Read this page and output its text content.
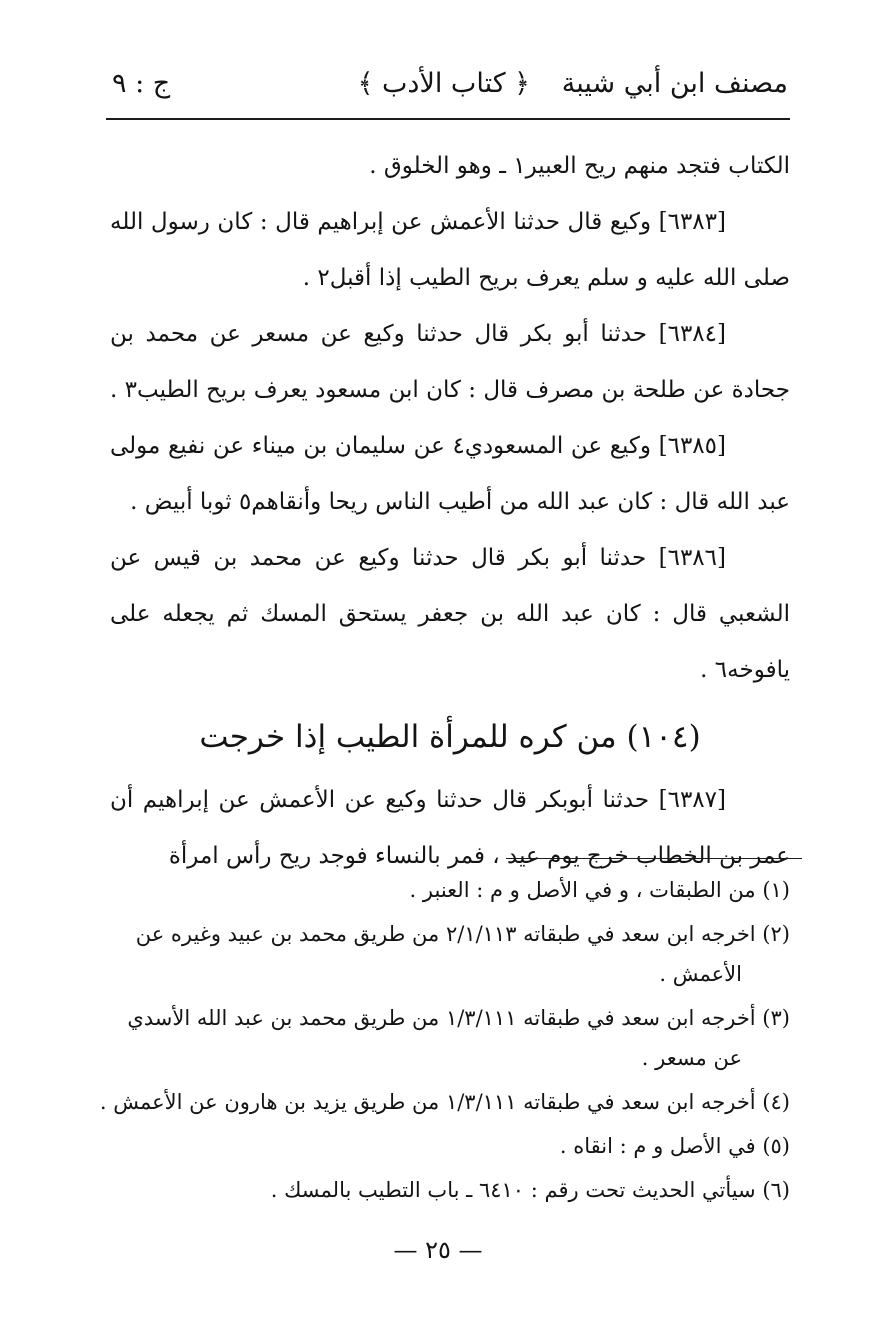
مصنف ابن أبي شيبة
﴿ كتاب الأدب ﴾
ج : ٩

الكتاب فتجد منهم ريح العبير١ ـ وهو الخلوق .

[٦٣٨٣] وكيع قال حدثنا الأعمش عن إبراهيم قال : كان رسول الله صلى الله عليه و سلم يعرف بريح الطيب إذا أقبل٢ .

[٦٣٨٤] حدثنا أبو بكر قال حدثنا وكيع عن مسعر عن محمد بن جحادة عن طلحة بن مصرف قال : كان ابن مسعود يعرف بريح الطيب٣ .

[٦٣٨٥] وكيع عن المسعودي٤ عن سليمان بن ميناء عن نفيع مولى عبد الله قال : كان عبد الله من أطيب الناس ريحا وأنقاهم٥ ثوبا أبيض .

[٦٣٨٦] حدثنا أبو بكر قال حدثنا وكيع عن محمد بن قيس عن الشعبي قال : كان عبد الله بن جعفر يستحق المسك ثم يجعله على يافوخه٦ .

(١٠٤) من كره للمرأة الطيب إذا خرجت

[٦٣٨٧] حدثنا أبوبكر قال حدثنا وكيع عن الأعمش عن إبراهيم أن عمر بن الخطاب خرج يوم عيد ، فمر بالنساء فوجد ريح رأس امرأة

(١) من الطبقات ، و في الأصل و م : العنبر .

(٢) اخرجه ابن سعد في طبقاته ٢/١/١١٣ من طريق محمد بن عبيد وغيره عن الأعمش .

(٣) أخرجه ابن سعد في طبقاته ١/٣/١١١ من طريق محمد بن عبد الله الأسدي عن مسعر .

(٤) أخرجه ابن سعد في طبقاته ١/٣/١١١ من طريق يزيد بن هارون عن الأعمش .

(٥) في الأصل و م : انقاه .

(٦) سيأتي الحديث تحت رقم : ٦٤١٠ ـ باب التطيب بالمسك .

— ٢٥ —
